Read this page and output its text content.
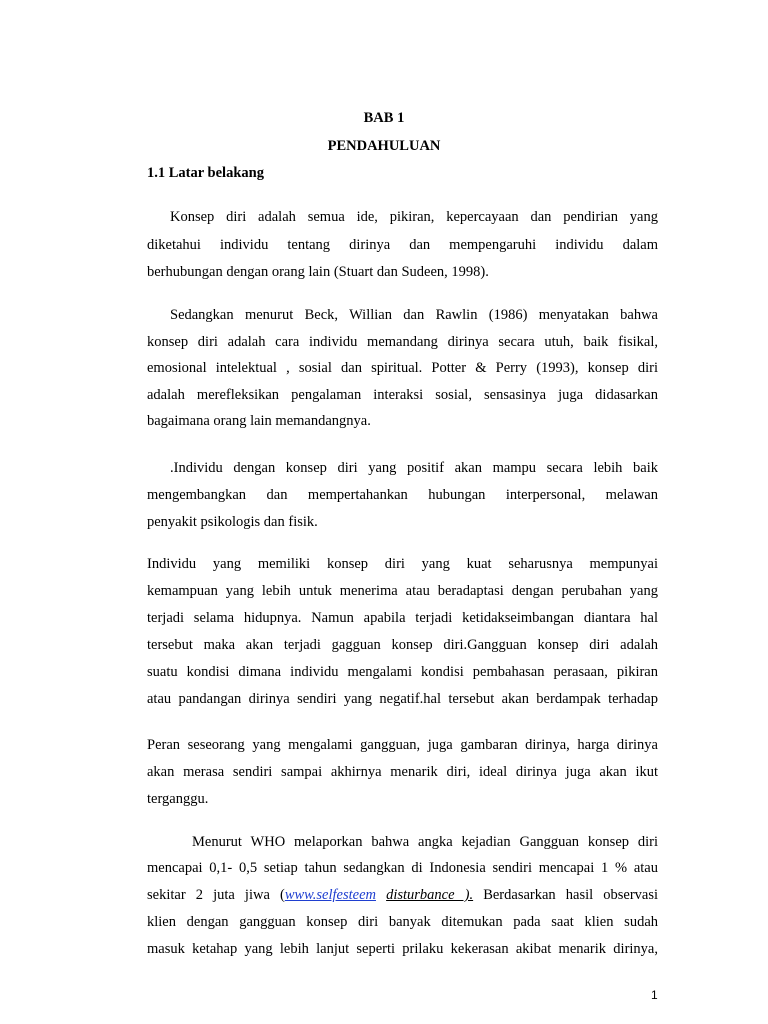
BAB 1
PENDAHULUAN
1.1 Latar belakang
Konsep diri adalah semua ide, pikiran, kepercayaan dan pendirian yang
diketahui individu tentang dirinya dan mempengaruhi individu dalam
berhubungan dengan orang lain (Stuart dan Sudeen, 1998).
Sedangkan menurut Beck, Willian dan Rawlin (1986) menyatakan bahwa
konsep diri adalah cara individu memandang dirinya secara utuh, baik fisikal,
emosional intelektual , sosial dan spiritual. Potter & Perry (1993), konsep diri
adalah merefleksikan pengalaman interaksi sosial, sensasinya juga didasarkan
bagaimana orang lain memandangnya.
.Individu dengan konsep diri yang positif akan mampu secara lebih baik
mengembangkan dan mempertahankan hubungan interpersonal, melawan
penyakit psikologis dan fisik.
Individu yang memiliki konsep diri yang kuat seharusnya mempunyai
kemampuan yang lebih untuk menerima atau beradaptasi dengan perubahan yang
terjadi selama hidupnya. Namun apabila terjadi ketidakseimbangan diantara hal
tersebut maka akan terjadi gagguan konsep diri.Gangguan konsep diri adalah
suatu kondisi dimana individu mengalami kondisi pembahasan perasaan, pikiran
atau pandangan dirinya sendiri yang negatif.hal tersebut akan berdampak terhadap
Peran seseorang yang mengalami gangguan, juga gambaran dirinya, harga dirinya
akan merasa sendiri sampai akhirnya menarik diri, ideal dirinya juga akan ikut
terganggu.
Menurut WHO melaporkan bahwa angka kejadian Gangguan konsep diri
mencapai 0,1- 0,5 setiap tahun sedangkan di Indonesia sendiri mencapai 1 % atau
sekitar 2 juta jiwa (www.selfesteem disturbance ). Berdasarkan hasil observasi
klien dengan gangguan konsep diri banyak ditemukan pada saat klien sudah
masuk ketahap yang lebih lanjut seperti prilaku kekerasan akibat menarik dirinya,
1
